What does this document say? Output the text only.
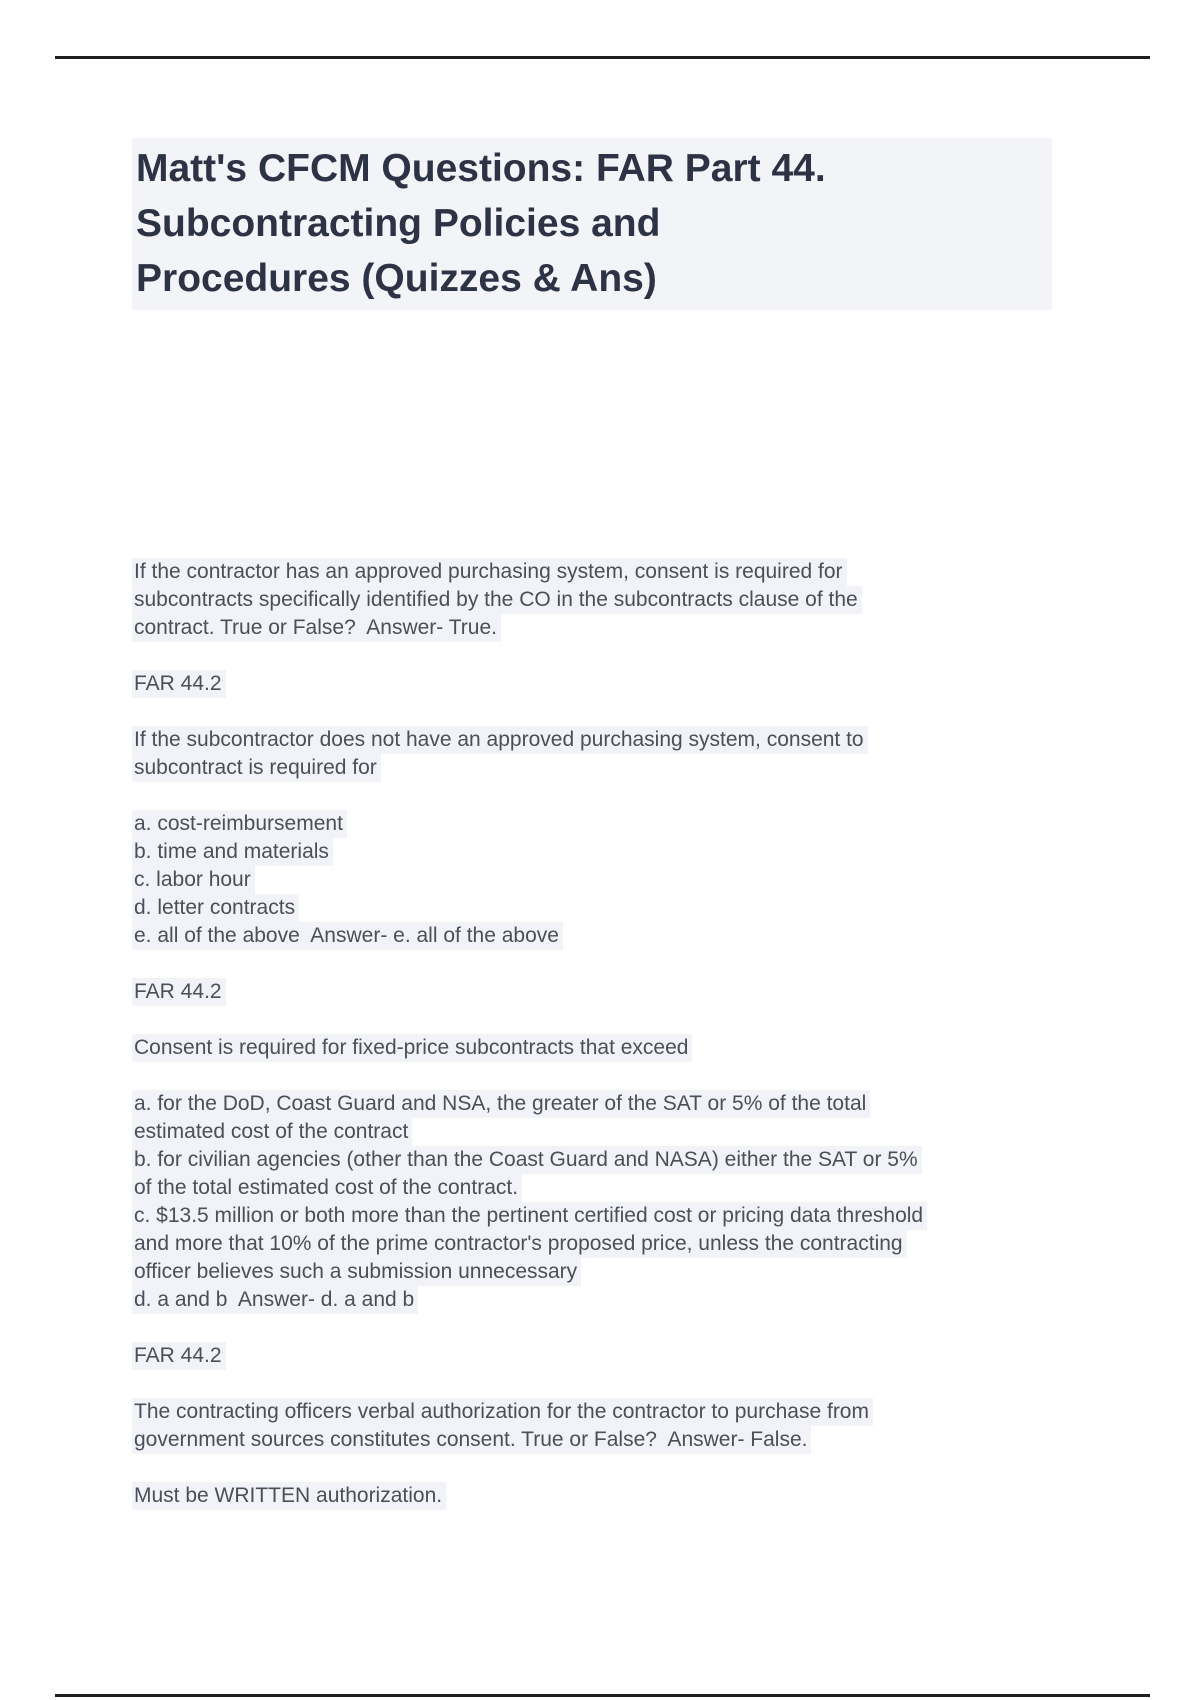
Matt's CFCM Questions: FAR Part 44.
Subcontracting Policies and
Procedures (Quizzes & Ans)
If the contractor has an approved purchasing system, consent is required for
subcontracts specifically identified by the CO in the subcontracts clause of the
contract. True or False?  Answer- True.
FAR 44.2
If the subcontractor does not have an approved purchasing system, consent to
subcontract is required for
a. cost-reimbursement
b. time and materials
c. labor hour
d. letter contracts
e. all of the above  Answer- e. all of the above
FAR 44.2
Consent is required for fixed-price subcontracts that exceed
a. for the DoD, Coast Guard and NSA, the greater of the SAT or 5% of the total
estimated cost of the contract
b. for civilian agencies (other than the Coast Guard and NASA) either the SAT or 5%
of the total estimated cost of the contract.
c. $13.5 million or both more than the pertinent certified cost or pricing data threshold
and more that 10% of the prime contractor's proposed price, unless the contracting
officer believes such a submission unnecessary
d. a and b  Answer- d. a and b
FAR 44.2
The contracting officers verbal authorization for the contractor to purchase from
government sources constitutes consent. True or False?  Answer- False.
Must be WRITTEN authorization.
